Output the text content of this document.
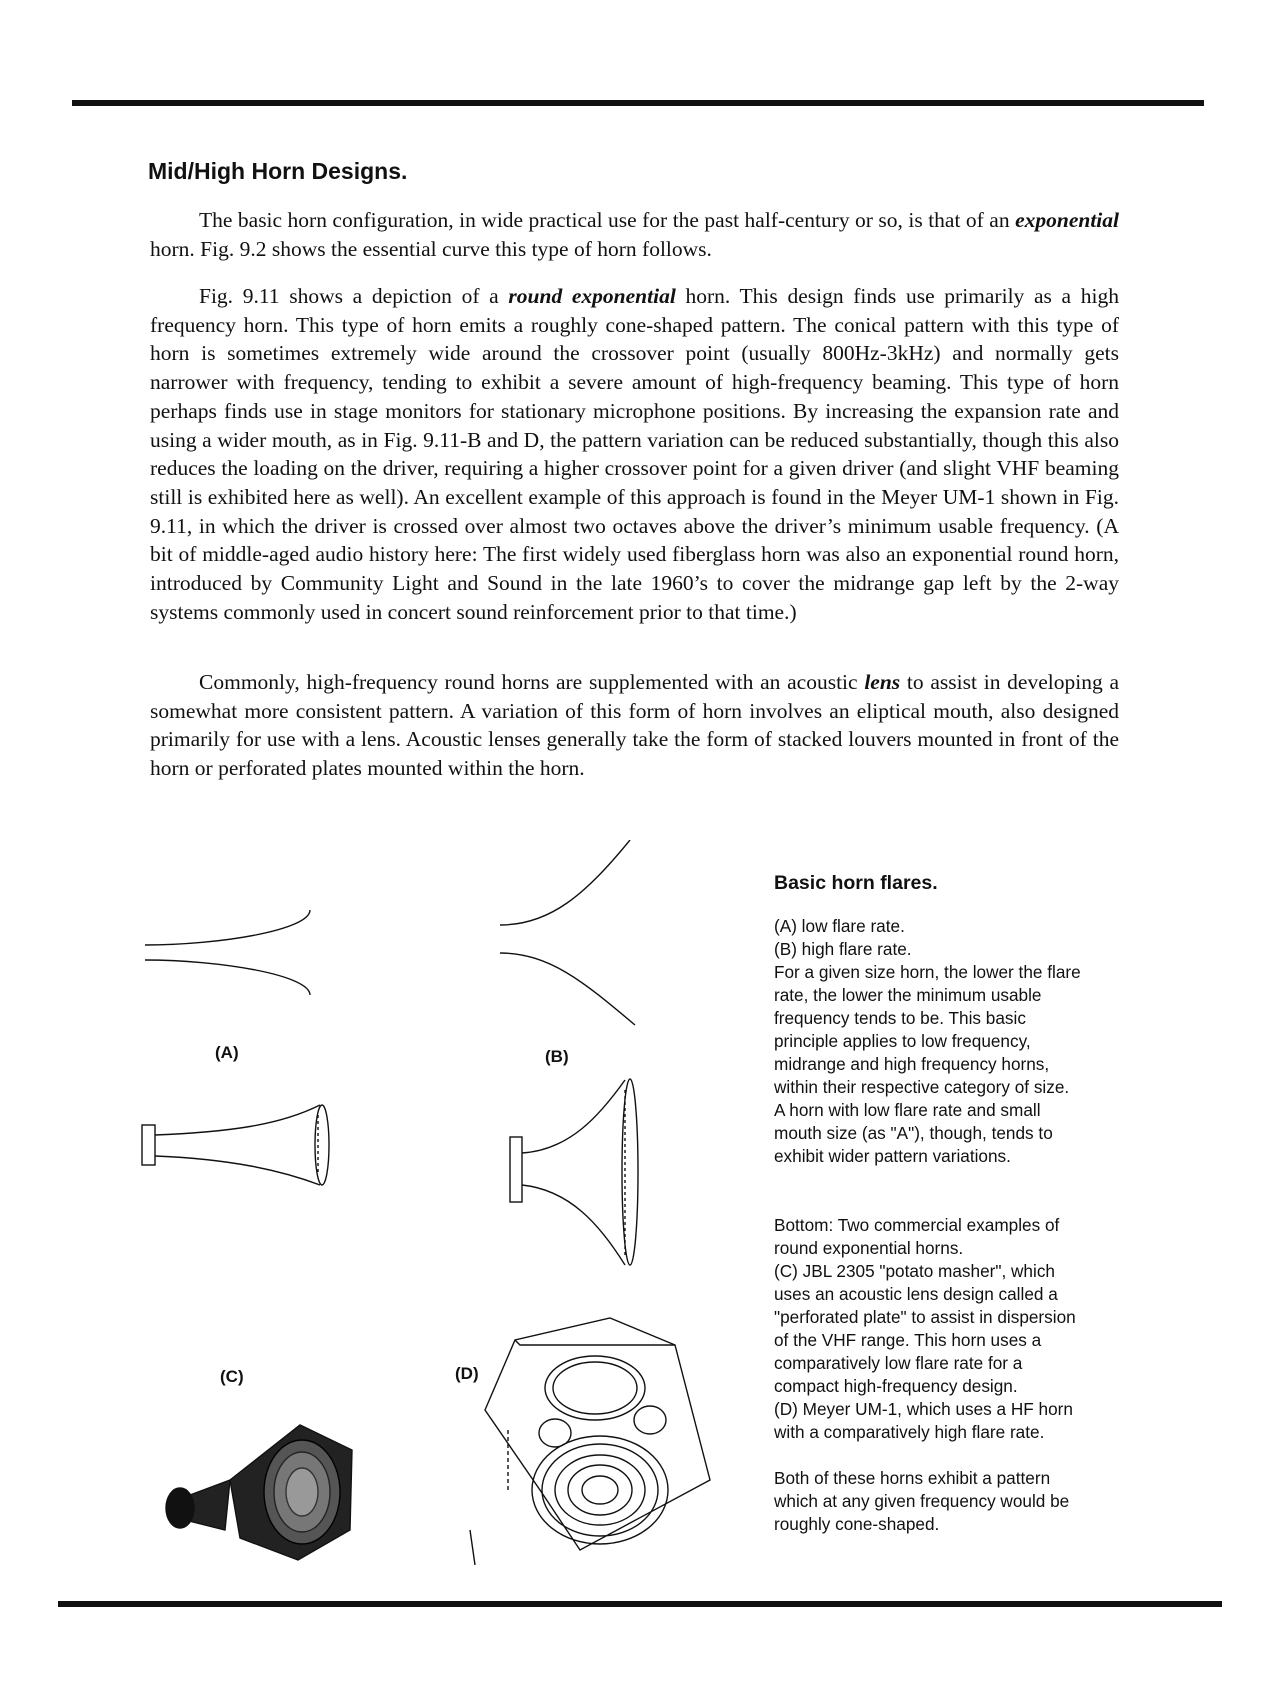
Mid/High Horn Designs.

The basic horn configuration, in wide practical use for the past half-century or so, is that of an exponential horn. Fig. 9.2 shows the essential curve this type of horn follows.

Fig. 9.11 shows a depiction of a round exponential horn. This design finds use primarily as a high frequency horn. This type of horn emits a roughly cone-shaped pattern. The conical pattern with this type of horn is sometimes extremely wide around the crossover point (usually 800Hz-3kHz) and normally gets narrower with frequency, tending to exhibit a severe amount of high-frequency beaming. This type of horn perhaps finds use in stage monitors for stationary microphone positions. By increasing the expansion rate and using a wider mouth, as in Fig. 9.11-B and D, the pattern variation can be reduced substantially, though this also reduces the loading on the driver, requiring a higher crossover point for a given driver (and slight VHF beaming still is exhibited here as well). An excellent example of this approach is found in the Meyer UM-1 shown in Fig. 9.11, in which the driver is crossed over almost two octaves above the driver’s minimum usable frequency. (A bit of middle-aged audio history here: The first widely used fiberglass horn was also an exponential round horn, introduced by Community Light and Sound in the late 1960’s to cover the midrange gap left by the 2-way systems commonly used in concert sound reinforcement prior to that time.)

Commonly, high-frequency round horns are supplemented with an acoustic lens to assist in developing a somewhat more consistent pattern. A variation of this form of horn involves an eliptical mouth, also designed primarily for use with a lens. Acoustic lenses generally take the form of stacked louvers mounted in front of the horn or perforated plates mounted within the horn.

(A)	(B)
(C)	(D)
Basic horn flares.
(A) low flare rate.
(B) high flare rate.
For a given size horn, the lower the flare
rate, the lower the minimum usable
frequency tends to be. This basic
principle applies to low frequency,
midrange and high frequency horns,
within their respective category of size.
A horn with low flare rate and small
mouth size (as "A"), though, tends to
exhibit wider pattern variations.
Bottom: Two commercial examples of
round exponential horns.
(C) JBL 2305 "potato masher", which
uses an acoustic lens design called a
"perforated plate" to assist in dispersion
of the VHF range. This horn uses a
comparatively low flare rate for a
compact high-frequency design.
(D) Meyer UM-1, which uses a HF horn
with a comparatively high flare rate.
Both of these horns exhibit a pattern
which at any given frequency would be
roughly cone-shaped.
